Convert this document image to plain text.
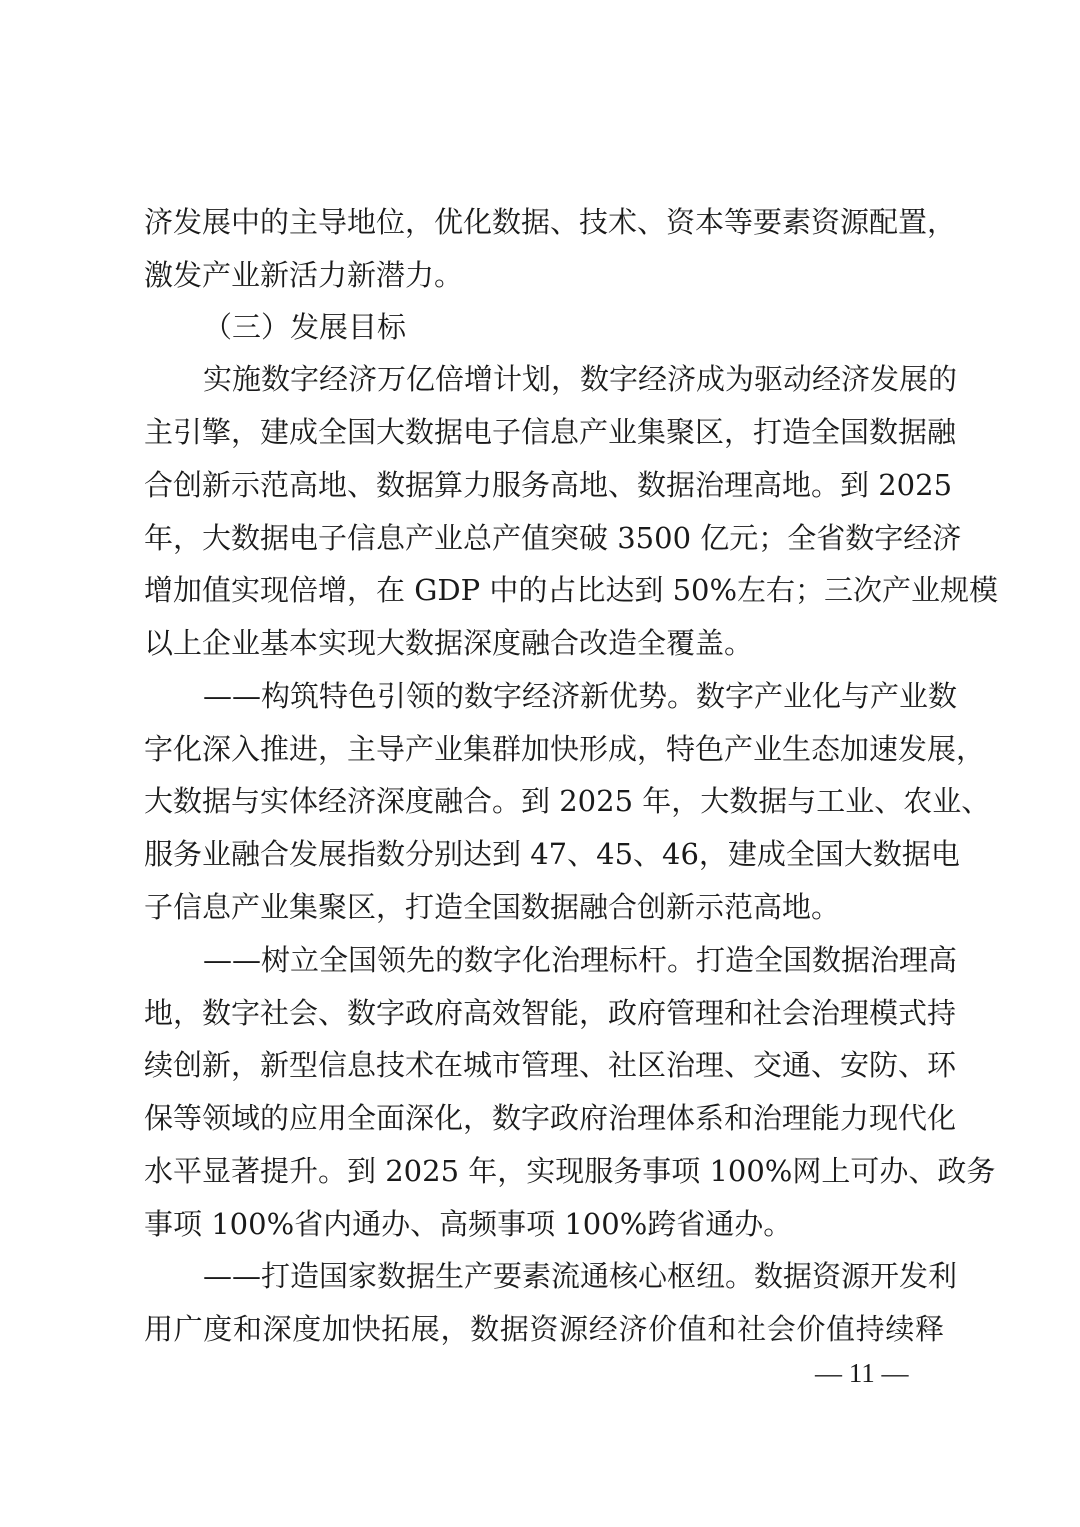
济发展中的主导地位，优化数据、技术、资本等要素资源配置，
激发产业新活力新潜力。
（三）发展目标
实施数字经济万亿倍增计划，数字经济成为驱动经济发展的
主引擎，建成全国大数据电子信息产业集聚区，打造全国数据融
合创新示范高地、数据算力服务高地、数据治理高地。到 2025
年，大数据电子信息产业总产值突破 3500 亿元；全省数字经济
增加值实现倍增，在 GDP 中的占比达到 50%左右；三次产业规模
以上企业基本实现大数据深度融合改造全覆盖。
——构筑特色引领的数字经济新优势。数字产业化与产业数
字化深入推进，主导产业集群加快形成，特色产业生态加速发展，
大数据与实体经济深度融合。到 2025 年，大数据与工业、农业、
服务业融合发展指数分别达到 47、45、46，建成全国大数据电
子信息产业集聚区，打造全国数据融合创新示范高地。
——树立全国领先的数字化治理标杆。打造全国数据治理高
地，数字社会、数字政府高效智能，政府管理和社会治理模式持
续创新，新型信息技术在城市管理、社区治理、交通、安防、环
保等领域的应用全面深化，数字政府治理体系和治理能力现代化
水平显著提升。到 2025 年，实现服务事项 100%网上可办、政务
事项 100%省内通办、高频事项 100%跨省通办。
——打造国家数据生产要素流通核心枢纽。数据资源开发利
用广度和深度加快拓展，数据资源经济价值和社会价值持续释
— 11 —
